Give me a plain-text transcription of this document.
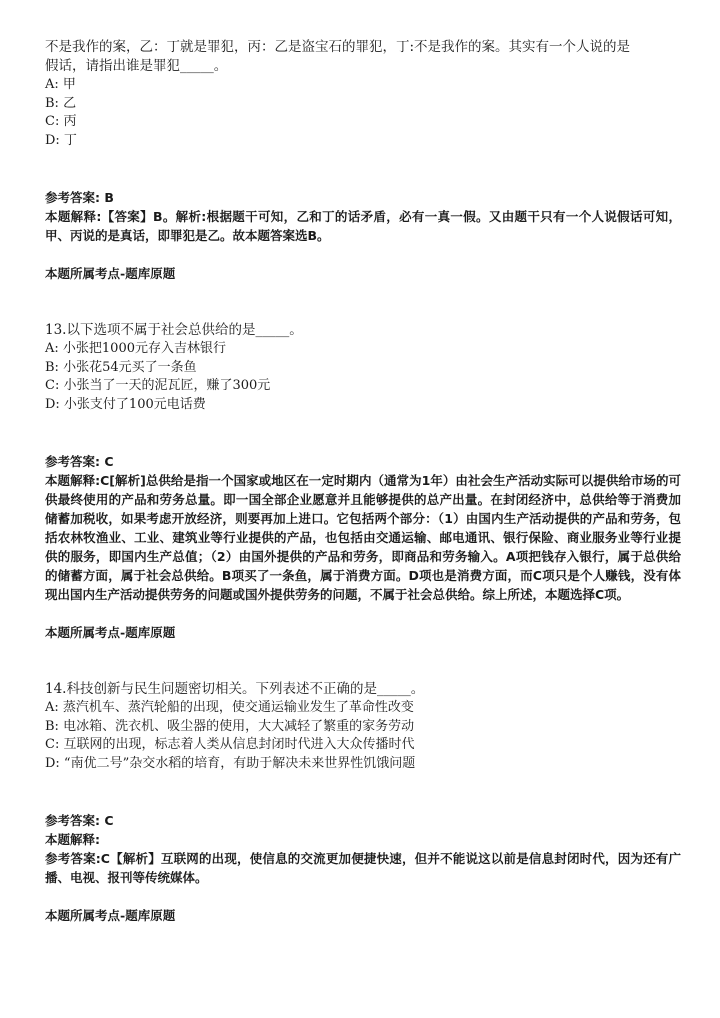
不是我作的案，乙：丁就是罪犯，丙：乙是盗宝石的罪犯，丁:不是我作的案。其实有一个人说的是
假话，请指出谁是罪犯_____。

A: 甲

B: 乙

C: 丙

D: 丁

参考答案: B

本题解释:【答案】B。解析:根据题干可知，乙和丁的话矛盾，必有一真一假。又由题干只有一个人说假话可知，甲、丙说的是真话，即罪犯是乙。故本题答案选B。

本题所属考点-题库原题

13.以下选项不属于社会总供给的是_____。

A: 小张把1000元存入吉林银行

B: 小张花54元买了一条鱼

C: 小张当了一天的泥瓦匠，赚了300元

D: 小张支付了100元电话费

参考答案: C

本题解释:C[解析]总供给是指一个国家或地区在一定时期内（通常为1年）由社会生产活动实际可以提供给市场的可供最终使用的产品和劳务总量。即一国全部企业愿意并且能够提供的总产出量。在封闭经济中，总供给等于消费加储蓄加税收，如果考虑开放经济，则要再加上进口。它包括两个部分：（1）由国内生产活动提供的产品和劳务，包括农林牧渔业、工业、建筑业等行业提供的产品，也包括由交通运输、邮电通讯、银行保险、商业服务业等行业提供的服务，即国内生产总值；（2）由国外提供的产品和劳务，即商品和劳务输入。A项把钱存入银行，属于总供给的储蓄方面，属于社会总供给。B项买了一条鱼，属于消费方面。D项也是消费方面，而C项只是个人赚钱，没有体现出国内生产活动提供劳务的问题或国外提供劳务的问题，不属于社会总供给。综上所述，本题选择C项。

本题所属考点-题库原题

14.科技创新与民生问题密切相关。下列表述不正确的是_____。

A: 蒸汽机车、蒸汽轮船的出现，使交通运输业发生了革命性改变

B: 电冰箱、洗衣机、吸尘器的使用，大大减轻了繁重的家务劳动

C: 互联网的出现，标志着人类从信息封闭时代进入大众传播时代

D: “南优二号”杂交水稻的培育，有助于解决未来世界性饥饿问题

参考答案: C

本题解释:

参考答案:C【解析】互联网的出现，使信息的交流更加便捷快速，但并不能说这以前是信息封闭时代，因为还有广播、电视、报刊等传统媒体。

本题所属考点-题库原题
